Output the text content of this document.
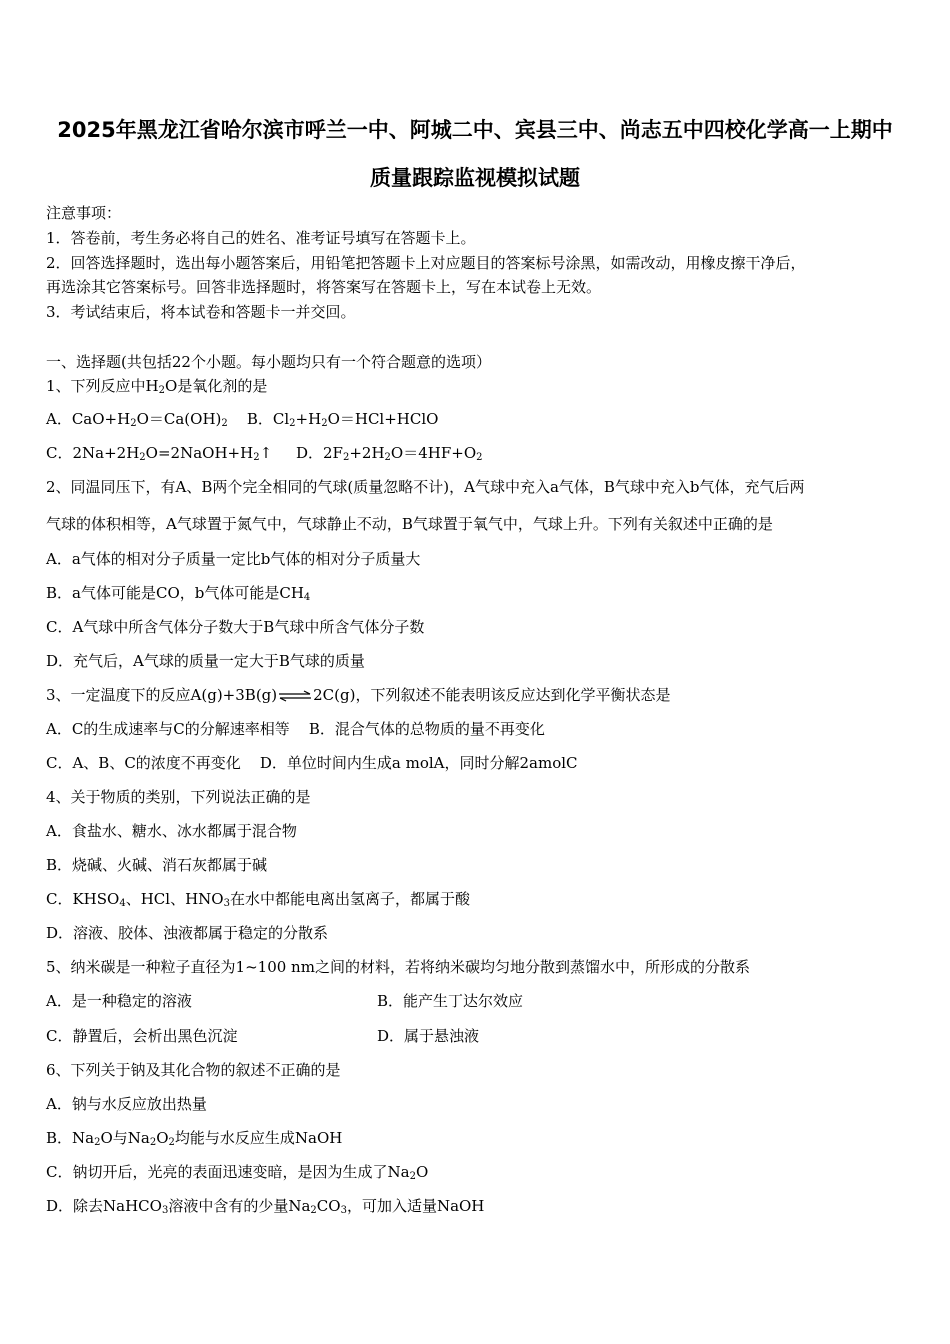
2025年黑龙江省哈尔滨市呼兰一中、阿城二中、宾县三中、尚志五中四校化学高一上期中
质量跟踪监视模拟试题
注意事项：
1．答卷前，考生务必将自己的姓名、准考证号填写在答题卡上。
2．回答选择题时，选出每小题答案后，用铅笔把答题卡上对应题目的答案标号涂黑，如需改动，用橡皮擦干净后，
再选涂其它答案标号。回答非选择题时，将答案写在答题卡上，写在本试卷上无效。
3．考试结束后，将本试卷和答题卡一并交回。
一、选择题(共包括22个小题。每小题均只有一个符合题意的选项）
1、下列反应中$H_2O$是氧化剂的是
A．$CaO+H_2O=Ca(OH)_2$ B．$Cl_2+H_2O=HCl+HClO$
C．$2Na+2H_2O=2NaOH+H_2↑$ D．$2F_2+2H_2O=4HF+O_2$
2、同温同压下，有A、B两个完全相同的气球(质量忽略不计)，A气球中充入a气体，B气球中充入b气体，充气后两
气球的体积相等，A气球置于氮气中，气球静止不动，B气球置于氧气中，气球上升。下列有关叙述中正确的是
A．a气体的相对分子质量一定比b气体的相对分子质量大
B．a气体可能是CO，b气体可能是$CH_4$
C．A气球中所含气体分子数大于B气球中所含气体分子数
D．充气后，A气球的质量一定大于B气球的质量
3、一定温度下的反应A(g)+3B(g)⇌2C(g)，下列叙述不能表明该反应达到化学平衡状态是
A．C的生成速率与C的分解速率相等 B．混合气体的总物质的量不再变化
C．A、B、C的浓度不再变化 D．单位时间内生成a molA，同时分解2amolC
4、关于物质的类别，下列说法正确的是
A．食盐水、糖水、冰水都属于混合物
B．烧碱、火碱、消石灰都属于碱
C．$KHSO_4$、HCl、$HNO_3$在水中都能电离出氢离子，都属于酸
D．溶液、胶体、浊液都属于稳定的分散系
5、纳米碳是一种粒子直径为1~100 nm之间的材料，若将纳米碳均匀地分散到蒸馏水中，所形成的分散系
A．是一种稳定的溶液	B．能产生丁达尔效应
C．静置后，会析出黑色沉淀	D．属于悬浊液
6、下列关于钠及其化合物的叙述不正确的是
A．钠与水反应放出热量
B．$Na_2O$与$Na_2O_2$均能与水反应生成NaOH
C．钠切开后，光亮的表面迅速变暗，是因为生成了$Na_2O$
D．除去NaHCO$_3$溶液中含有的少量$Na_2CO_3$，可加入适量NaOH
